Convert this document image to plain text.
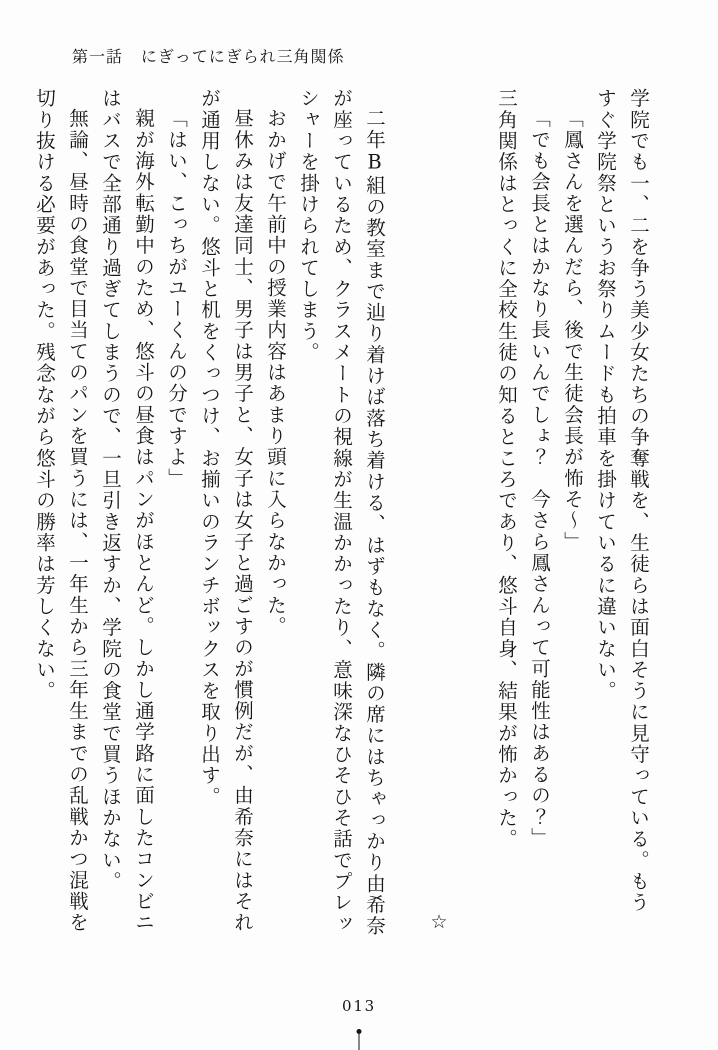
第一話 にぎってにぎられ三角関係
学院でも一、二を争う美少女たちの争奪戦を、生徒らは面白そうに見守っている。もう
すぐ学院祭というお祭りムードも拍車を掛けているに違いない。
「鳳さんを選んだら、後で生徒会長が怖そ〜」
「でも会長とはかなり長いんでしょ？　今さら鳳さんって可能性はあるの？」
三角関係はとっくに全校生徒の知るところであり、悠斗自身、結果が怖かった。
☆
二年B組の教室まで辿り着けば落ち着ける、はずもなく。隣の席にはちゃっかり由希奈
が座っているため、クラスメートの視線が生温かかったり、意味深なひそひそ話でプレッ
シャーを掛けられてしまう。
おかげで午前中の授業内容はあまり頭に入らなかった。
昼休みは友達同士、男子は男子と、女子は女子と過ごすのが慣例だが、由希奈にはそれ
が通用しない。悠斗と机をくっつけ、お揃いのランチボックスを取り出す。
「はい、こっちがユーくんの分ですよ」
親が海外転勤中のため、悠斗の昼食はパンがほとんど。しかし通学路に面したコンビニ
はバスで全部通り過ぎてしまうので、一旦引き返すか、学院の食堂で買うほかない。
無論、昼時の食堂で目当てのパンを買うには、一年生から三年生までの乱戦かつ混戦を
切り抜ける必要があった。残念ながら悠斗の勝率は芳しくない。
013
